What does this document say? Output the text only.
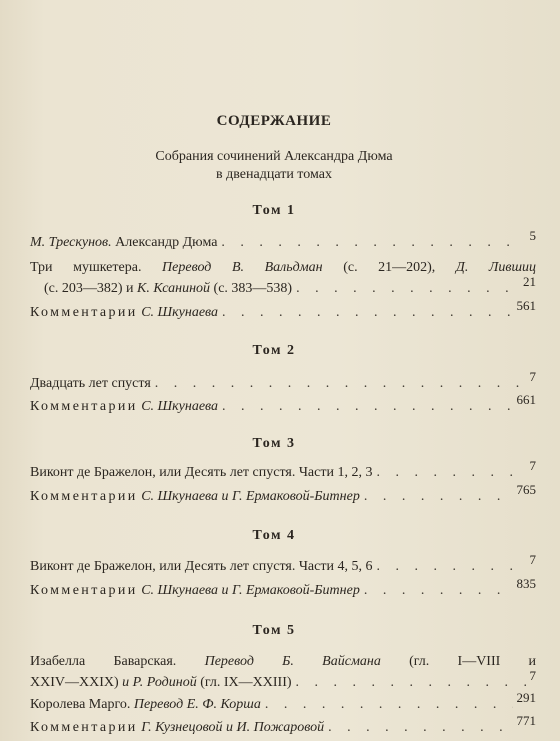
СОДЕРЖАНИЕ
Собрания сочинений Александра Дюма
в двенадцати томах
Том 1
М. Трескунов. Александр Дюма . . .	5
Три мушкетера. Перевод В. Вальдман (с. 21—202), Д. Лившиц
(с. 203—382) и К. Ксаниной (с. 383—538) . . .	21
Комментарии С. Шкунаева . . .	561
Том 2
Двадцать лет спустя . . .	7
Комментарии С. Шкунаева . . .	661
Том 3
Виконт де Бражелон, или Десять лет спустя. Части 1, 2, 3 . . .	7
Комментарии С. Шкунаева и Г. Ермаковой-Битнер . . .	765
Том 4
Виконт де Бражелон, или Десять лет спустя. Части 4, 5, 6 . . .	7
Комментарии С. Шкунаева и Г. Ермаковой-Битнер . . .	835
Том 5
Изабелла Баварская. Перевод Б. Вайсмана (гл. I—VIII и
XXIV—XXIX) и Р. Родиной (гл. IX—XXIII) . . .	7
Королева Марго. Перевод Е. Ф. Корша . . .	291
Комментарии Г. Кузнецовой и И. Пожаровой . . .	771
